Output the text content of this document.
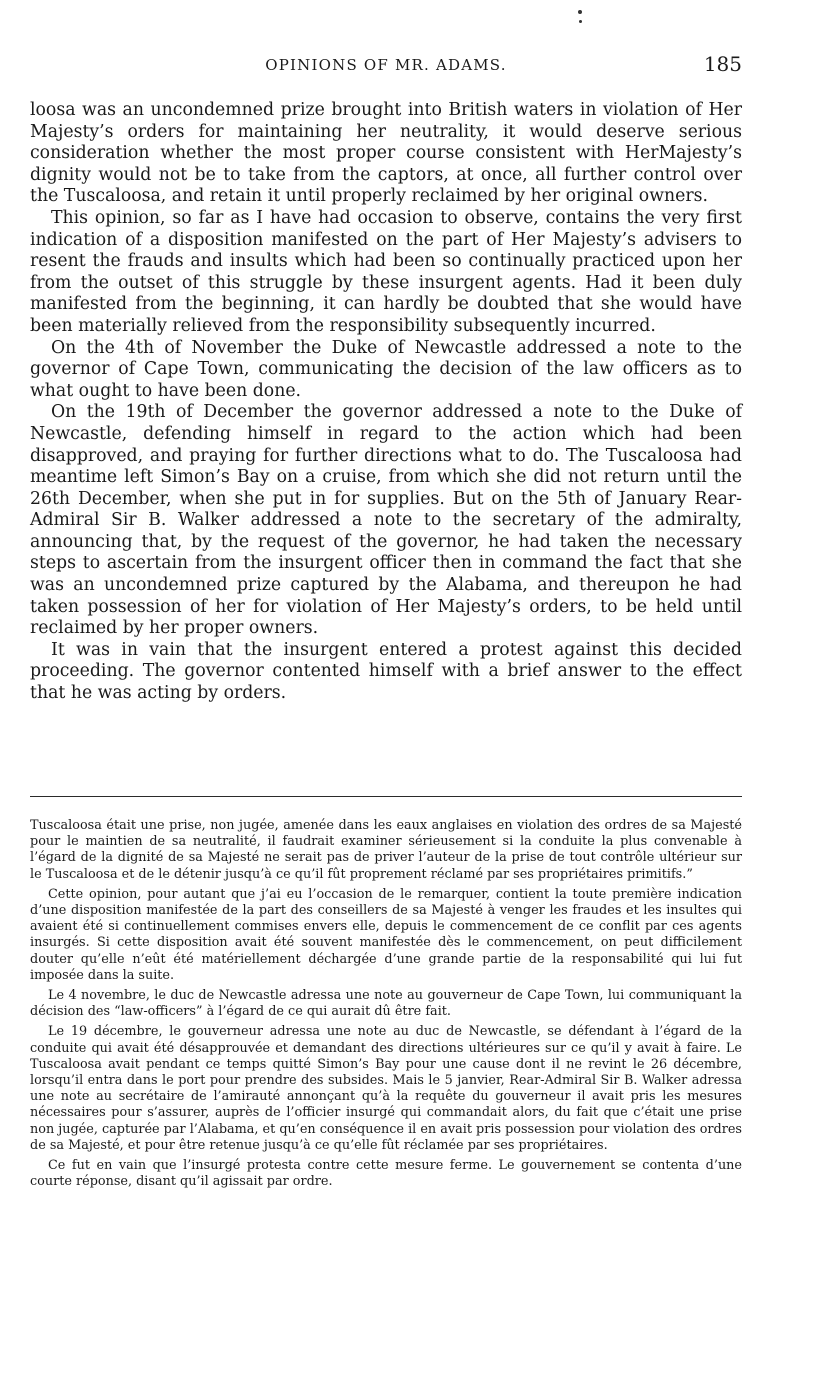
OPINIONS OF MR. ADAMS.	185

loosa was an uncondemned prize brought into British waters in violation of Her Majesty’s orders for maintaining her neutrality, it would deserve serious consideration whether the most proper course consistent with HerMajesty’s dignity would not be to take from the captors, at once, all further control over the Tuscaloosa, and retain it until properly reclaimed by her original owners.

This opinion, so far as I have had occasion to observe, contains the very first indication of a disposition manifested on the part of Her Majesty’s advisers to resent the frauds and insults which had been so continually practiced upon her from the outset of this struggle by these insurgent agents. Had it been duly manifested from the beginning, it can hardly be doubted that she would have been materially relieved from the responsibility subsequently incurred.

On the 4th of November the Duke of Newcastle addressed a note to the governor of Cape Town, communicating the decision of the law officers as to what ought to have been done.

On the 19th of December the governor addressed a note to the Duke of Newcastle, defending himself in regard to the action which had been disapproved, and praying for further directions what to do. The Tuscaloosa had meantime left Simon’s Bay on a cruise, from which she did not return until the 26th December, when she put in for supplies. But on the 5th of January Rear-Admiral Sir B. Walker addressed a note to the secretary of the admiralty, announcing that, by the request of the governor, he had taken the necessary steps to ascertain from the insurgent officer then in command the fact that she was an uncondemned prize captured by the Alabama, and thereupon he had taken possession of her for violation of Her Majesty’s orders, to be held until reclaimed by her proper owners.

It was in vain that the insurgent entered a protest against this decided proceeding. The governor contented himself with a brief answer to the effect that he was acting by orders.

Tuscaloosa était une prise, non jugée, amenée dans les eaux anglaises en violation des ordres de sa Majesté pour le maintien de sa neutralité, il faudrait examiner sérieusement si la conduite la plus convenable à l’égard de la dignité de sa Majesté ne serait pas de priver l’auteur de la prise de tout contrôle ultérieur sur le Tuscaloosa et de le détenir jusqu’à ce qu’il fût proprement réclamé par ses propriétaires primitifs.”

Cette opinion, pour autant que j’ai eu l’occasion de le remarquer, contient la toute première indication d’une disposition manifestée de la part des conseillers de sa Majesté à venger les fraudes et les insultes qui avaient été si continuellement commises envers elle, depuis le commencement de ce conflit par ces agents insurgés. Si cette disposition avait été souvent manifestée dès le commencement, on peut difficilement douter qu’elle n’eût été matériellement déchargée d’une grande partie de la responsabilité qui lui fut imposée dans la suite.

Le 4 novembre, le duc de Newcastle adressa une note au gouverneur de Cape Town, lui communiquant la décision des “law-officers” à l’égard de ce qui aurait dû être fait.

Le 19 décembre, le gouverneur adressa une note au duc de Newcastle, se défendant à l’égard de la conduite qui avait été désapprouvée et demandant des directions ultérieures sur ce qu’il y avait à faire. Le Tuscaloosa avait pendant ce temps quitté Simon’s Bay pour une cause dont il ne revint le 26 décembre, lorsqu’il entra dans le port pour prendre des subsides. Mais le 5 janvier, Rear-Admiral Sir B. Walker adressa une note au secrétaire de l’amirauté annonçant qu’à la requête du gouverneur il avait pris les mesures nécessaires pour s’assurer, auprès de l’officier insurgé qui commandait alors, du fait que c’était une prise non jugée, capturée par l’Alabama, et qu’en conséquence il en avait pris possession pour violation des ordres de sa Majesté, et pour être retenue jusqu’à ce qu’elle fût réclamée par ses propriétaires.

Ce fut en vain que l’insurgé protesta contre cette mesure ferme. Le gouvernement se contenta d’une courte réponse, disant qu’il agissait par ordre.
